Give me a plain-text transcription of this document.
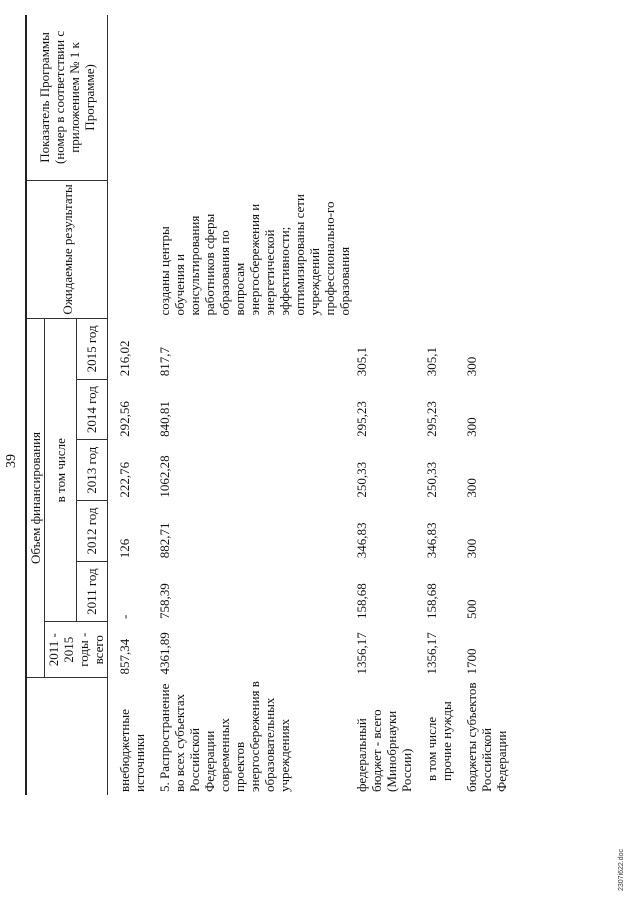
39
	Объем финансирования						Ожидаемые результаты	Показатель Программы (номер в соответствии с приложением № 1 к Программе)
	2011 - 2015 годы - всего	в том числе						
		2011 год	2012 год	2013 год	2014 год	2015 год		

внебюджетные источники	857,34	-	126	222,76	292,56	216,02		

5. Распространение во всех субъектах Российской Федерации современных проектов энергосбережения в образовательных учреждениях	4361,89	758,39	882,71	1062,28	840,81	817,7	созданы центры обучения и консультирования работников сферы образования по вопросам энергосбережения и энергетической эффективности; оптимизированы сети учреждений профессионально-го образования	
федеральный бюджет - всего (Минобрнауки России)	1356,17	158,68	346,83	250,33	295,23	305,1		

в том числе прочие нужды	1356,17	158,68	346,83	250,33	295,23	305,1		

бюджеты субъектов Российской Федерации	1700	500	300	300	300	300		
2307i622.doc
